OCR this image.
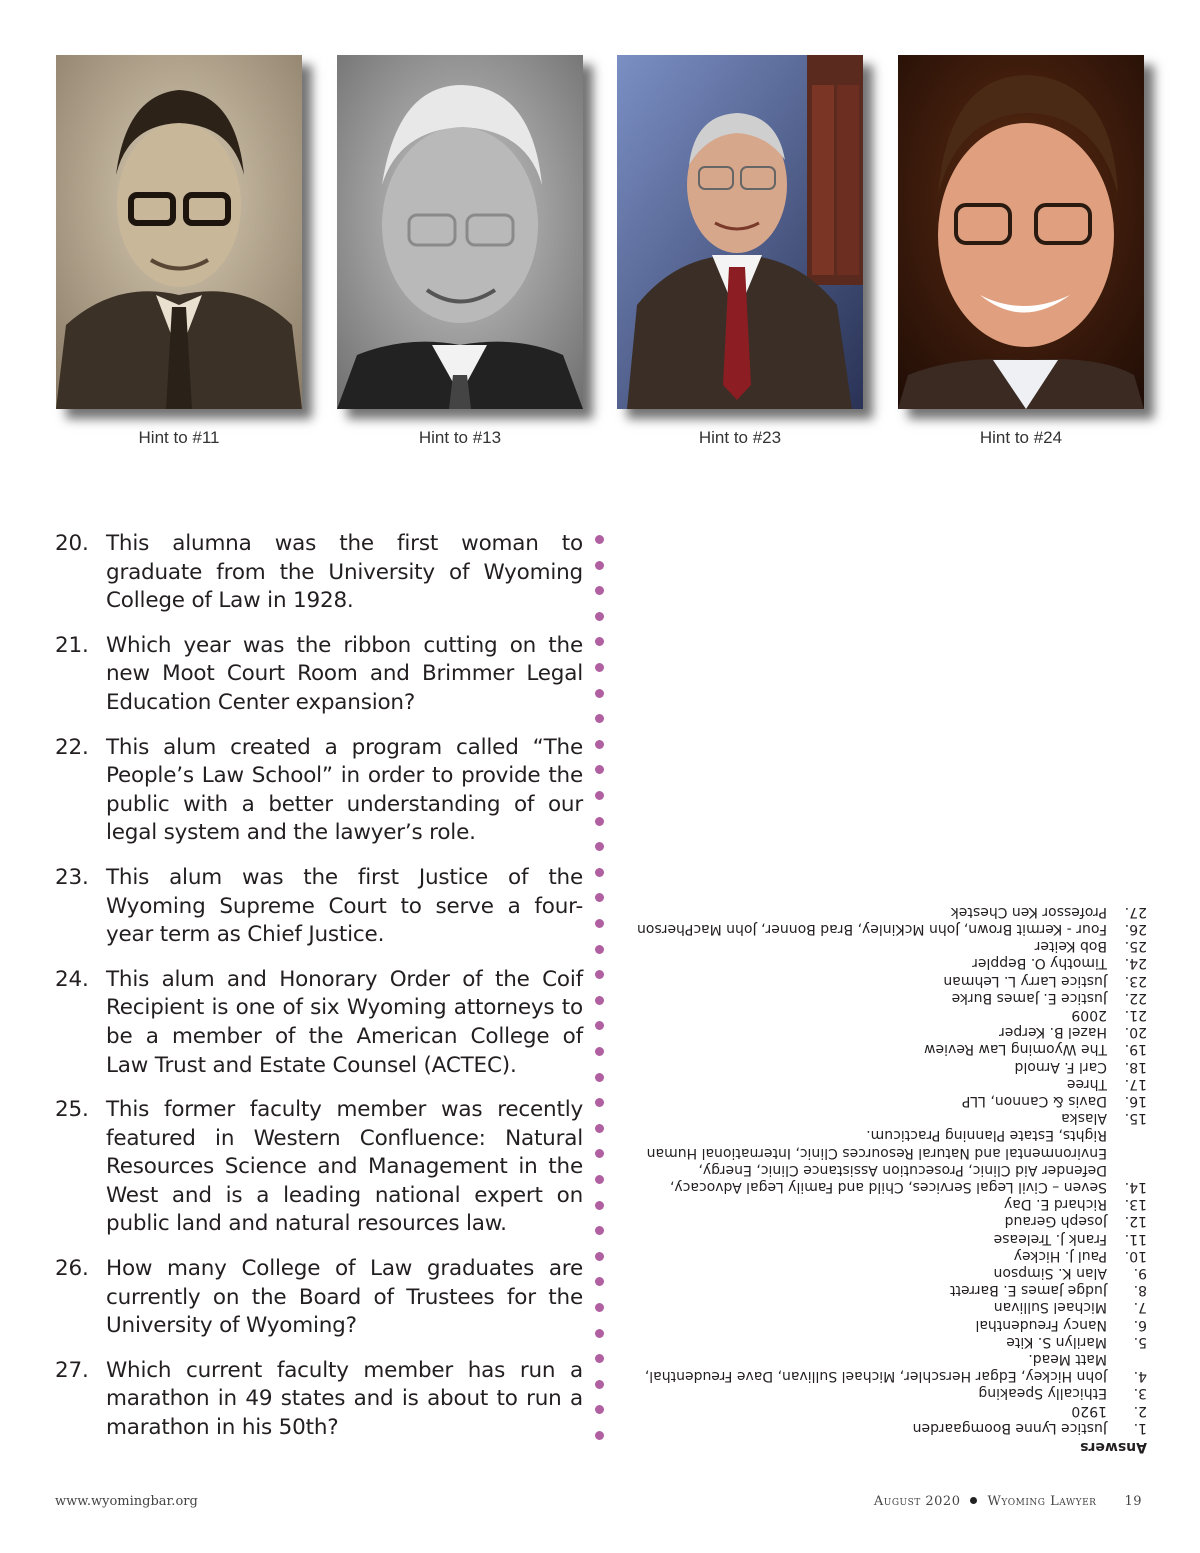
Hint to #11	Hint to #13	Hint to #23	Hint to #24
20. This alumna was the first woman to graduate from the University of Wyoming College of Law in 1928.
21. Which year was the ribbon cutting on the new Moot Court Room and Brimmer Legal Education Center expansion?
22. This alum created a program called “The People’s Law School” in order to provide the public with a better understanding of our legal system and the lawyer’s role.
23. This alum was the first Justice of the Wyoming Supreme Court to serve a four-year term as Chief Justice.
24. This alum and Honorary Order of the Coif Recipient is one of six Wyoming attorneys to be a member of the American College of Law Trust and Estate Counsel (ACTEC).
25. This former faculty member was recently featured in Western Confluence: Natural Resources Science and Management in the West and is a leading national expert on public land and natural resources law.
26. How many College of Law graduates are currently on the Board of Trustees for the University of Wyoming?
27. Which current faculty member has run a marathon in 49 states and is about to run a marathon in his 50th?
Answers
1.
Justice Lynne Boomgaarden
2.
1920
3.
Ethically Speaking
4.
John Hickey, Edgar Herschler, Michael Sullivan, Dave Freudenthal, Matt Mead.
5.
Marilyn S. Kite
6.
Nancy Freudenthal
7.
Michael Sullivan
8.
Judge James E. Barrett
9.
Alan K. Simpson
10.
Paul J. Hickey
11.
Frank J. Trelease
12.
Joseph Geraud
13.
Richard E. Day
14.
Seven – Civil Legal Services, Child and Family Legal Advocacy, Defender Aid Clinic, Prosecution Assistance Clinic, Energy, Environmental and Natural Resources Clinic, International Human Rights, Estate Planning Practicum.
15.
Alaska
16.
Davis & Cannon, LLP
17.
Three
18.
Carl F. Arnold
19.
The Wyoming Law Review
20.
Hazel B. Kerper
21.
2009
22.
Justice E. James Burke
23.
Justice Larry L. Lehman
24.
Timothy O. Beppler
25.
Bob Keiter
26.
Four - Kermit Brown, John McKinley, Brad Bonner, John MacPherson
27.
Professor Ken Chestek
www.wyomingbar.org	August 2020 Wyoming Lawyer 19
